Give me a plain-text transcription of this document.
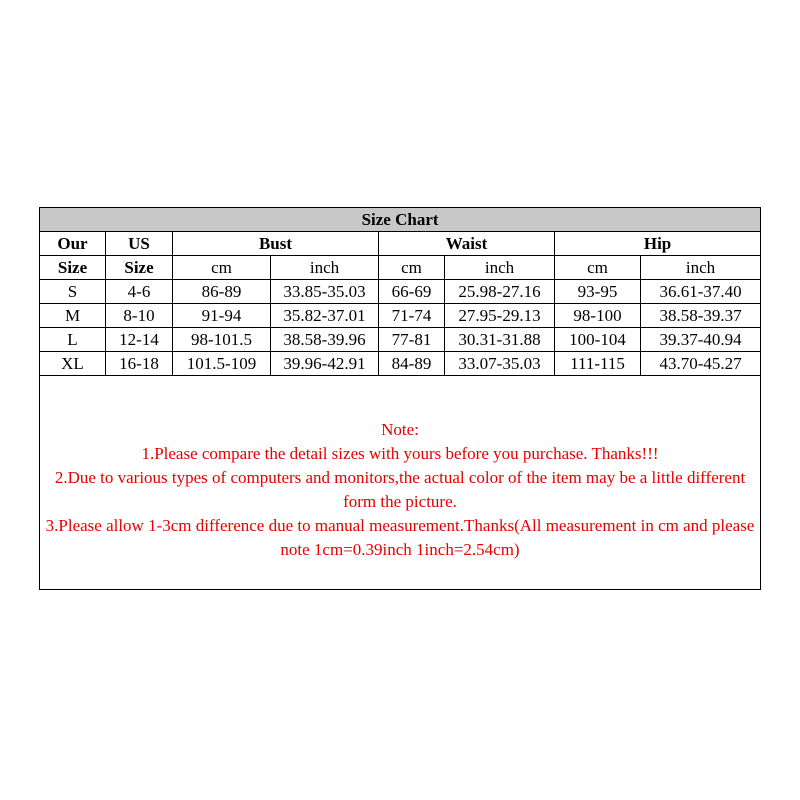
Size Chart							
Our	US	Bust		Waist		Hip	
Size	Size	cm	inch	cm	inch	cm	inch
S	4-6	86-89	33.85-35.03	66-69	25.98-27.16	93-95	36.61-37.40
M	8-10	91-94	35.82-37.01	71-74	27.95-29.13	98-100	38.58-39.37
L	12-14	98-101.5	38.58-39.96	77-81	30.31-31.88	100-104	39.37-40.94
XL	16-18	101.5-109	39.96-42.91	84-89	33.07-35.03	111-115	43.70-45.27

Note:

1.Please compare the detail sizes with yours before you purchase. Thanks!!!

2.Due to various types of computers and monitors,the actual color of the item may be a little different form the picture.

3.Please allow 1-3cm difference due to manual measurement.Thanks(All measurement in cm and please note 1cm=0.39inch 1inch=2.54cm)
